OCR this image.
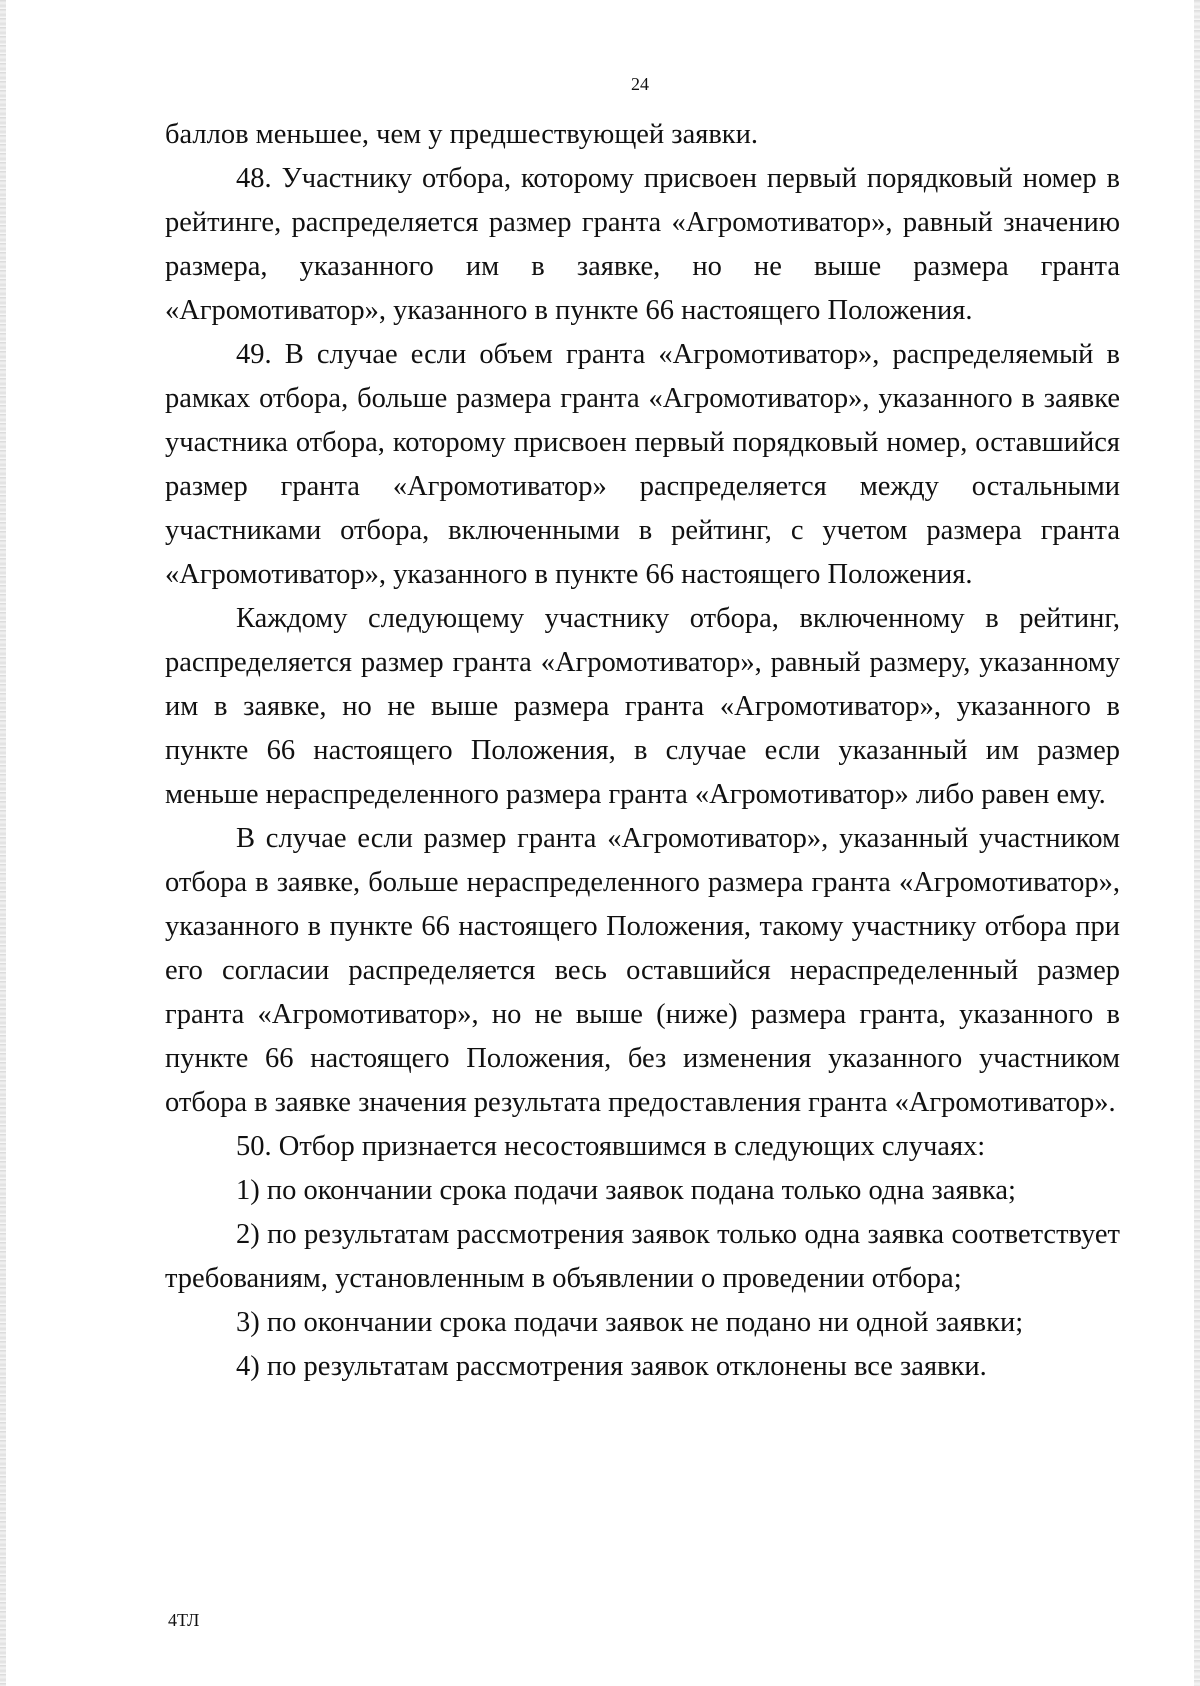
24

баллов меньшее, чем у предшествующей заявки.

48. Участнику отбора, которому присвоен первый порядковый номер в рейтинге, распределяется размер гранта «Агромотиватор», равный значению размера, указанного им в заявке, но не выше размера гранта «Агромотиватор», указанного в пункте 66 настоящего Положения.

49. В случае если объем гранта «Агромотиватор», распределяемый в рамках отбора, больше размера гранта «Агромотиватор», указанного в заявке участника отбора, которому присвоен первый порядковый номер, оставшийся размер гранта «Агромотиватор» распределяется между остальными участниками отбора, включенными в рейтинг, с учетом размера гранта «Агромотиватор», указанного в пункте 66 настоящего Положения.

Каждому следующему участнику отбора, включенному в рейтинг, распределяется размер гранта «Агромотиватор», равный размеру, указанному им в заявке, но не выше размера гранта «Агромотиватор», указанного в пункте 66 настоящего Положения, в случае если указанный им размер меньше нераспределенного размера гранта «Агромотиватор» либо равен ему.

В случае если размер гранта «Агромотиватор», указанный участником отбора в заявке, больше нераспределенного размера гранта «Агромотиватор», указанного в пункте 66 настоящего Положения, такому участнику отбора при его согласии распределяется весь оставшийся нераспределенный размер гранта «Агромотиватор», но не выше (ниже) размера гранта, указанного в пункте 66 настоящего Положения, без изменения указанного участником отбора в заявке значения результата предоставления гранта «Агромотиватор».

50. Отбор признается несостоявшимся в следующих случаях:

1) по окончании срока подачи заявок подана только одна заявка;

2) по результатам рассмотрения заявок только одна заявка соответствует требованиям, установленным в объявлении о проведении отбора;

3) по окончании срока подачи заявок не подано ни одной заявки;

4) по результатам рассмотрения заявок отклонены все заявки.

4ТЛ
